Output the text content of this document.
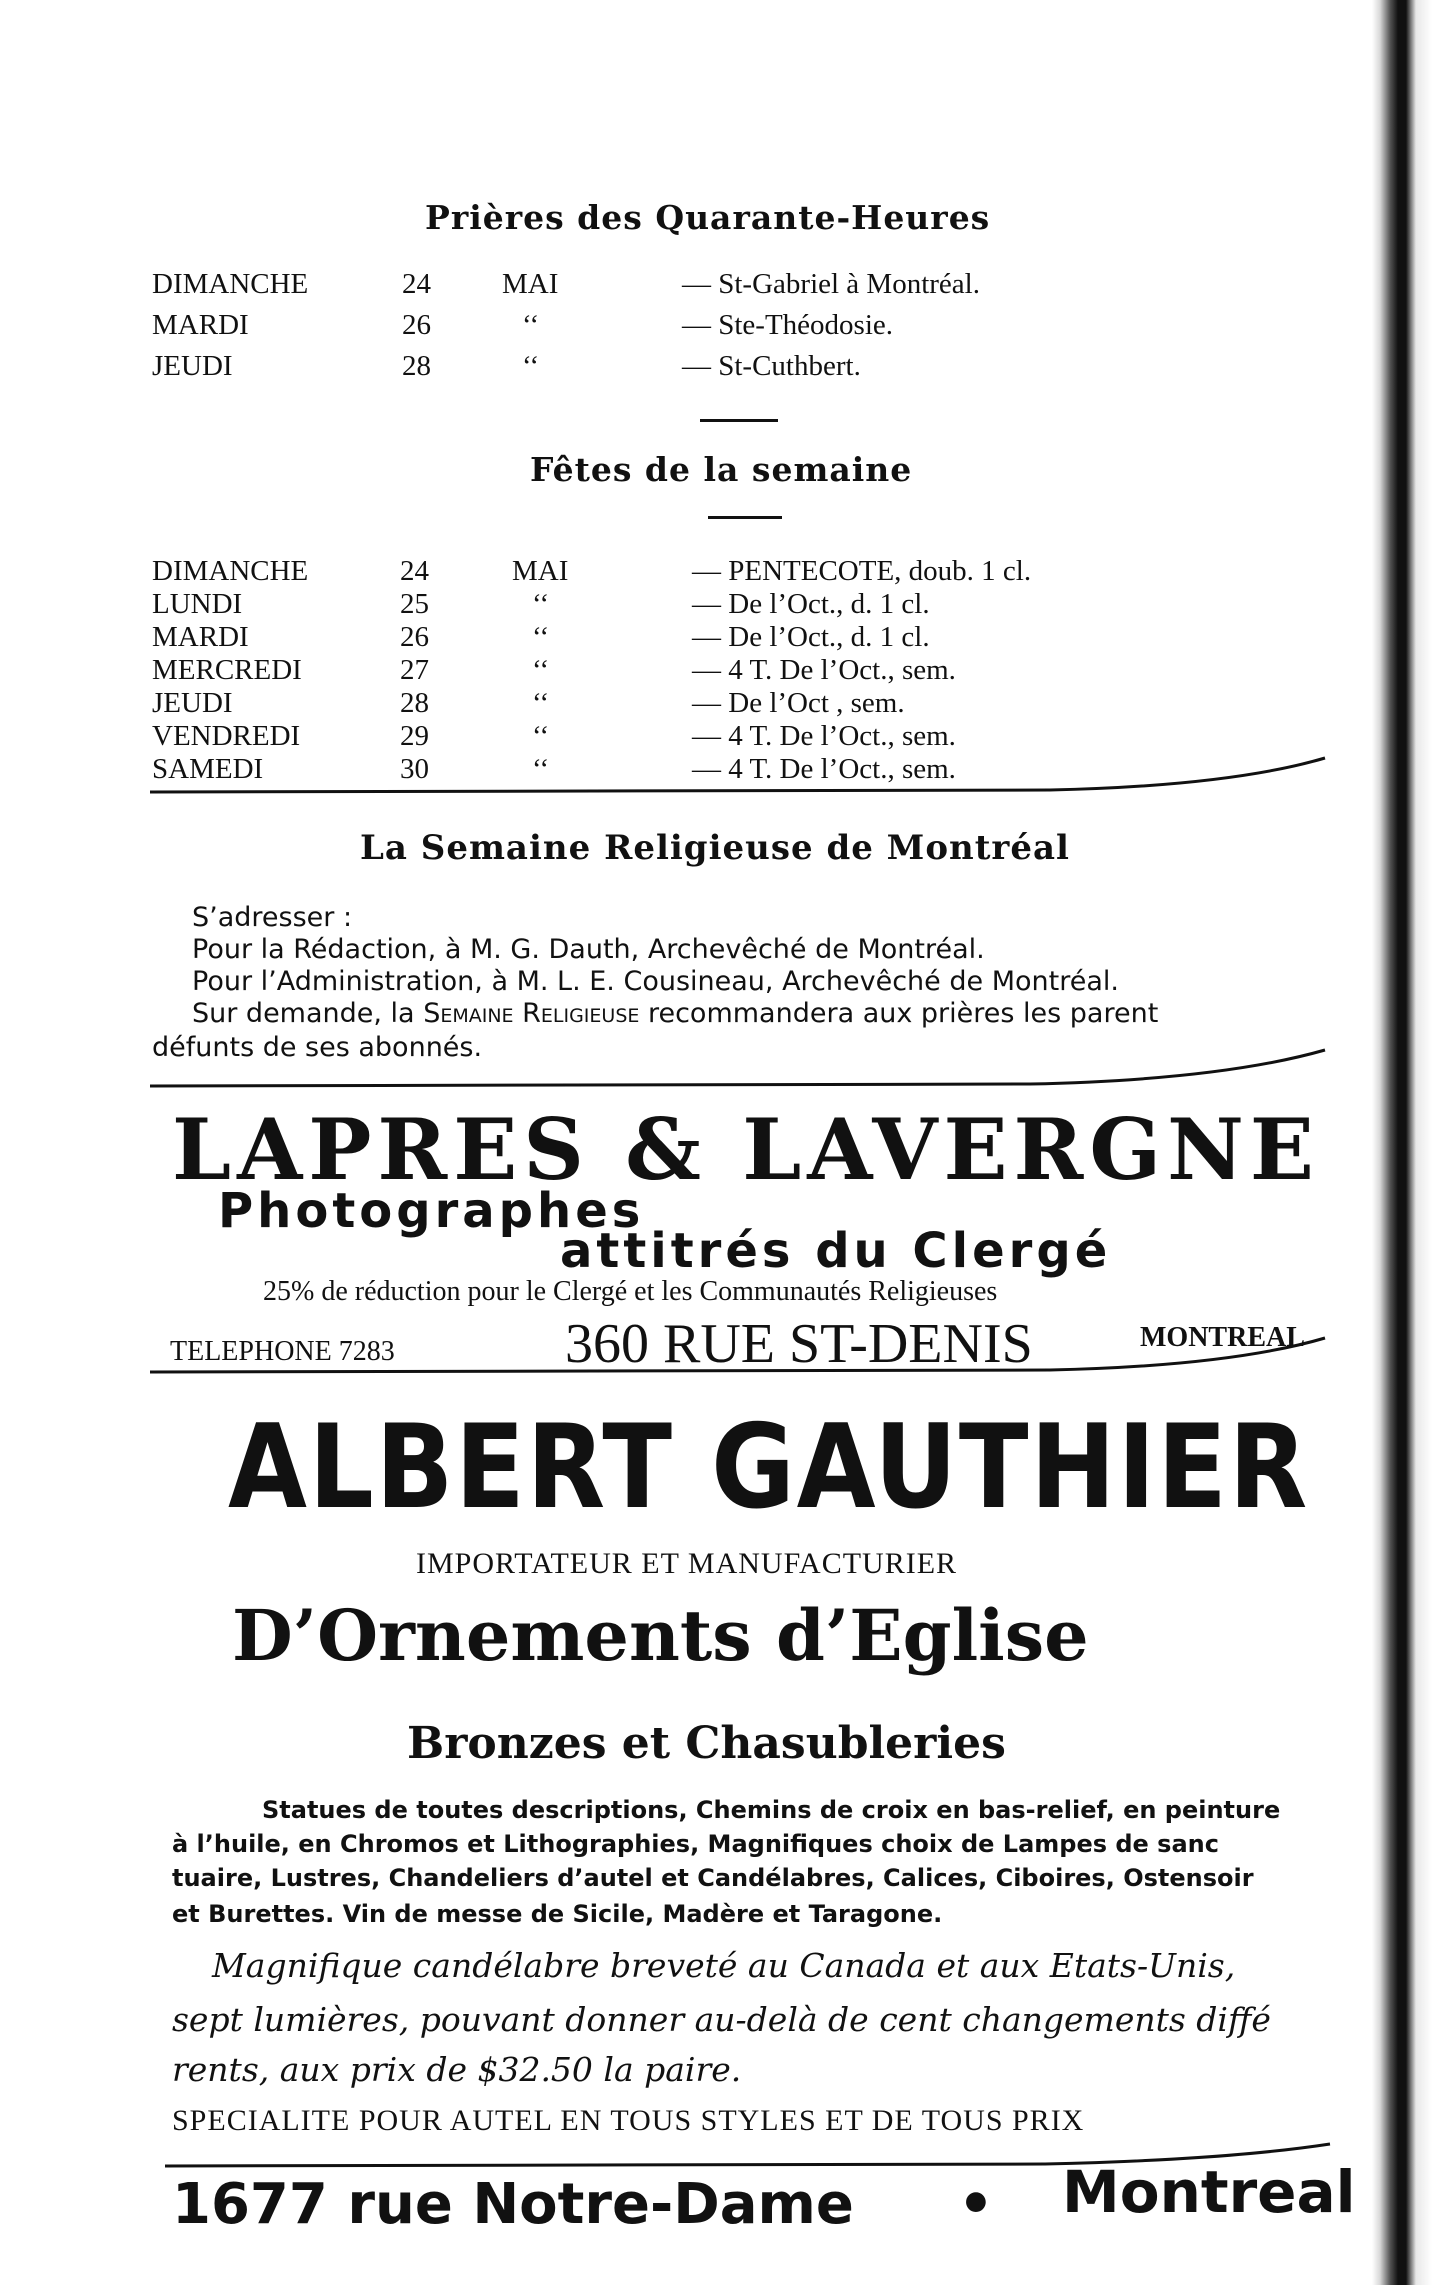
Prières des Quarante-Heures
DIMANCHE	24 MAI	— St-Gabriel à Montréal.
MARDI	26	‘‘	— Ste-Théodosie.
JEUDI	28	‘‘	— St-Cuthbert.
Fêtes de la semaine
DIMANCHE	24	MAI	— PENTECOTE, doub. 1 cl.
LUNDI	25	‘‘	— De l’Oct., d. 1 cl.
MARDI	26	‘‘	— De l’Oct., d. 1 cl.
MERCREDI	27	‘‘	— 4 T. De l’Oct., sem.
JEUDI	28	‘‘	— De l’Oct , sem.
VENDREDI	29	‘‘	— 4 T. De l’Oct., sem.
SAMEDI	30	‘‘	— 4 T. De l’Oct., sem.
La Semaine Religieuse de Montréal
S’adresser :
Pour la Rédaction, à M. G. Dauth, Archevêché de Montréal.
Pour l’Administration, à M. L. E. Cousineau, Archevêché de Montréal.
Sur demande, la Semaine Religieuse recommandera aux prières les parent
défunts de ses abonnés.
LAPRES & LAVERGNE
Photographes
attitrés du Clergé
25% de réduction pour le Clergé et les Communautés Religieuses
TELEPHONE 7283	360 RUE ST-DENIS	MONTREAL
ALBERT GAUTHIER
IMPORTATEUR ET MANUFACTURIER
D’Ornements d’Eglise
Bronzes et Chasubleries
Statues de toutes descriptions, Chemins de croix en bas-relief, en peinture
à l’huile, en Chromos et Lithographies, Magnifiques choix de Lampes de sanc
tuaire, Lustres, Chandeliers d’autel et Candélabres, Calices, Ciboires, Ostensoir
et Burettes. Vin de messe de Sicile, Madère et Taragone.
Magnifique candélabre breveté au Canada et aux Etats-Unis,
sept lumières, pouvant donner au-delà de cent changements diffé
rents, aux prix de $32.50 la paire.
SPECIALITE POUR AUTEL EN TOUS STYLES ET DE TOUS PRIX
1677 rue Notre-Dame • Montreal
